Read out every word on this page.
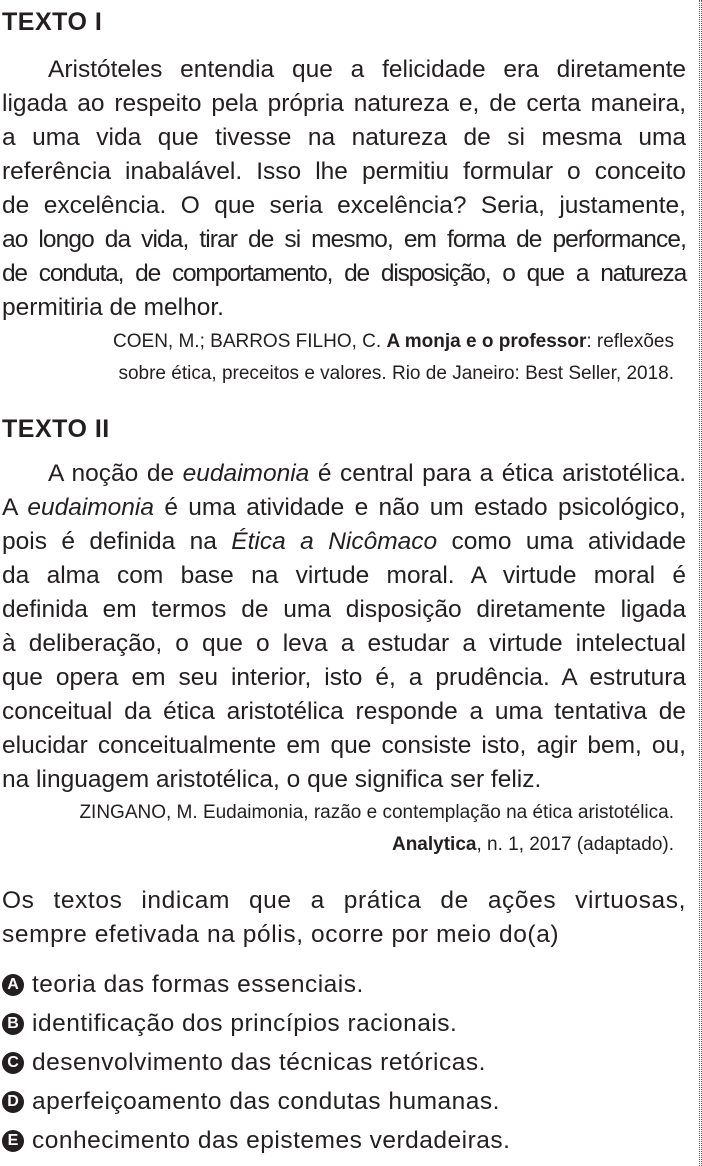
TEXTO I
Aristóteles entendia que a felicidade era diretamente
ligada ao respeito pela própria natureza e, de certa maneira,
a uma vida que tivesse na natureza de si mesma uma
referência inabalável. Isso lhe permitiu formular o conceito
de excelência. O que seria excelência? Seria, justamente,
ao longo da vida, tirar de si mesmo, em forma de performance,
de conduta, de comportamento, de disposição, o que a natureza
permitiria de melhor.
COEN, M.; BARROS FILHO, C. A monja e o professor: reflexões
sobre ética, preceitos e valores. Rio de Janeiro: Best Seller, 2018.
TEXTO II
A noção de eudaimonia é central para a ética aristotélica.
A eudaimonia é uma atividade e não um estado psicológico,
pois é definida na Ética a Nicômaco como uma atividade
da alma com base na virtude moral. A virtude moral é
definida em termos de uma disposição diretamente ligada
à deliberação, o que o leva a estudar a virtude intelectual
que opera em seu interior, isto é, a prudência. A estrutura
conceitual da ética aristotélica responde a uma tentativa de
elucidar conceitualmente em que consiste isto, agir bem, ou,
na linguagem aristotélica, o que significa ser feliz.
ZINGANO, M. Eudaimonia, razão e contemplação na ética aristotélica.
Analytica, n. 1, 2017 (adaptado).
Os textos indicam que a prática de ações virtuosas,
sempre efetivada na pólis, ocorre por meio do(a)
A teoria das formas essenciais.
B identificação dos princípios racionais.
C desenvolvimento das técnicas retóricas.
D aperfeiçoamento das condutas humanas.
E conhecimento das epistemes verdadeiras.
